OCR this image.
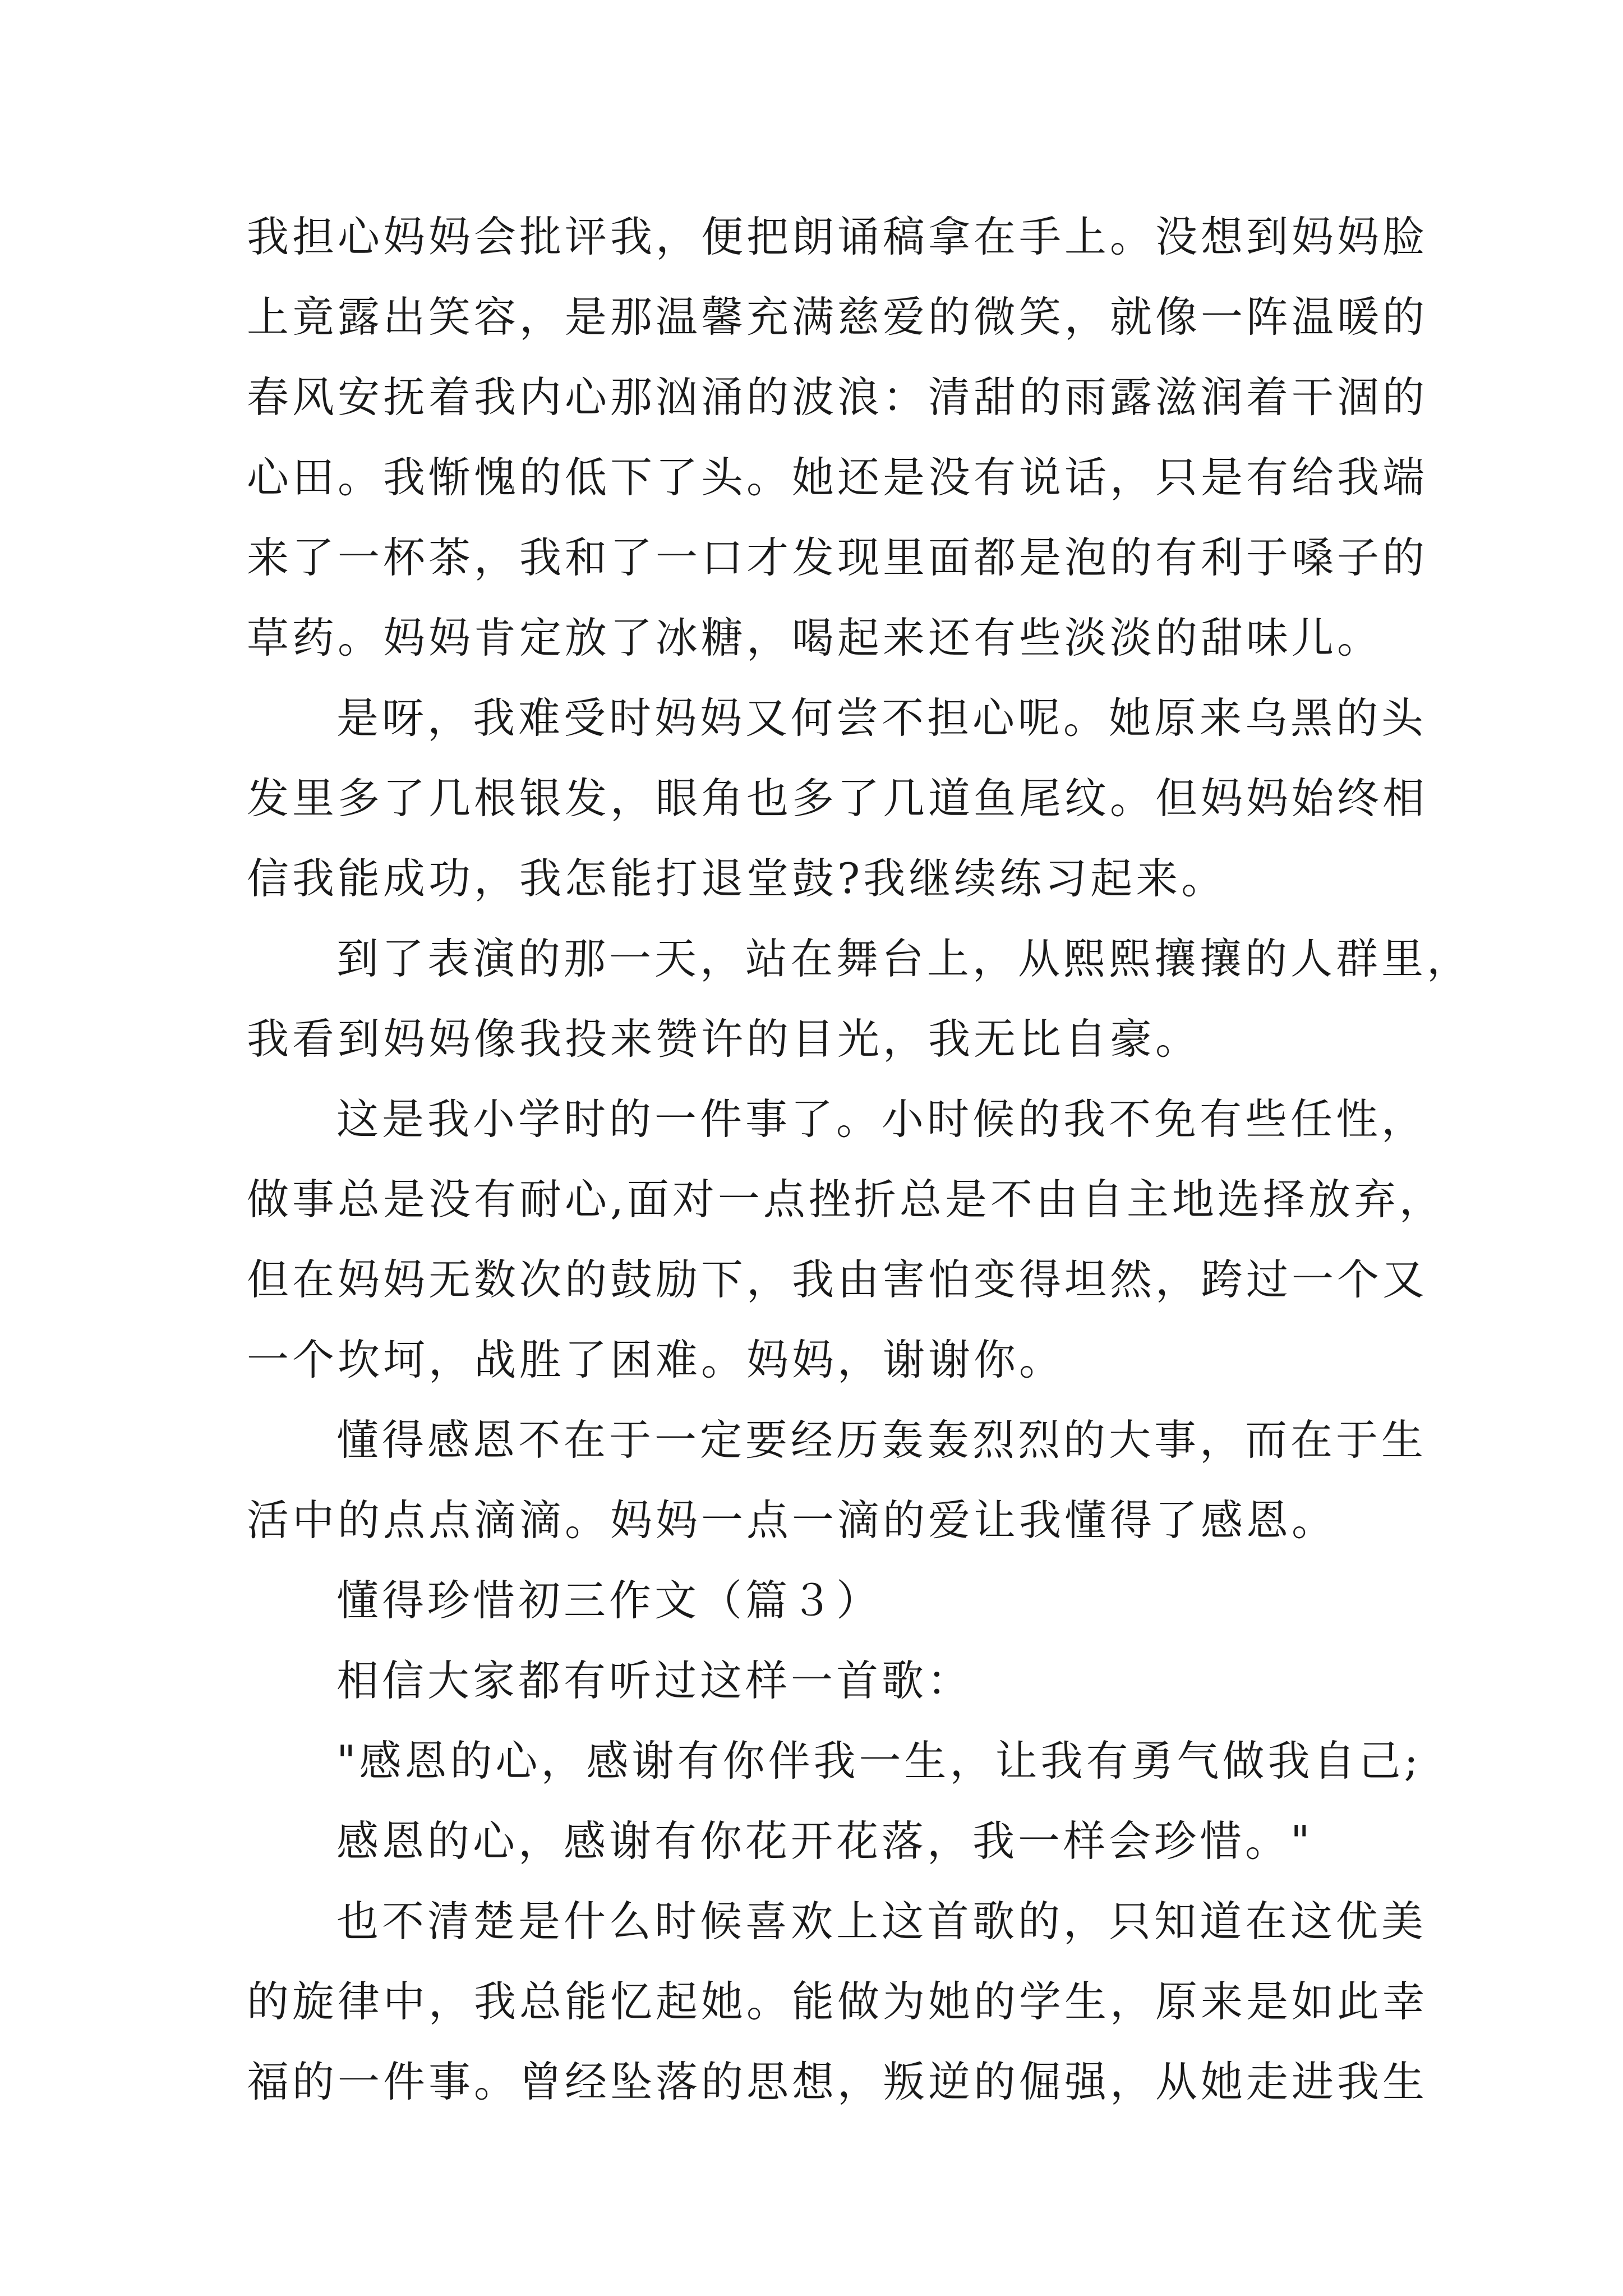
我担心妈妈会批评我，便把朗诵稿拿在手上。没想到妈妈脸
上竟露出笑容，是那温馨充满慈爱的微笑，就像一阵温暖的
春风安抚着我内心那汹涌的波浪：清甜的雨露滋润着干涸的
心田。我惭愧的低下了头。她还是没有说话，只是有给我端
来了一杯茶，我和了一口才发现里面都是泡的有利于嗓子的
草药。妈妈肯定放了冰糖，喝起来还有些淡淡的甜味儿。
是呀，我难受时妈妈又何尝不担心呢。她原来乌黑的头
发里多了几根银发，眼角也多了几道鱼尾纹。但妈妈始终相
信我能成功，我怎能打退堂鼓?我继续练习起来。
到了表演的那一天，站在舞台上，从熙熙攘攘的人群里，
我看到妈妈像我投来赞许的目光，我无比自豪。
这是我小学时的一件事了。小时候的我不免有些任性，
做事总是没有耐心,面对一点挫折总是不由自主地选择放弃，
但在妈妈无数次的鼓励下，我由害怕变得坦然，跨过一个又
一个坎坷，战胜了困难。妈妈，谢谢你。
懂得感恩不在于一定要经历轰轰烈烈的大事，而在于生
活中的点点滴滴。妈妈一点一滴的爱让我懂得了感恩。
懂得珍惜初三作文（篇３）
相信大家都有听过这样一首歌：
"感恩的心，感谢有你伴我一生，让我有勇气做我自己;
感恩的心，感谢有你花开花落，我一样会珍惜。"
也不清楚是什么时候喜欢上这首歌的，只知道在这优美
的旋律中，我总能忆起她。能做为她的学生，原来是如此幸
福的一件事。曾经坠落的思想，叛逆的倔强，从她走进我生
